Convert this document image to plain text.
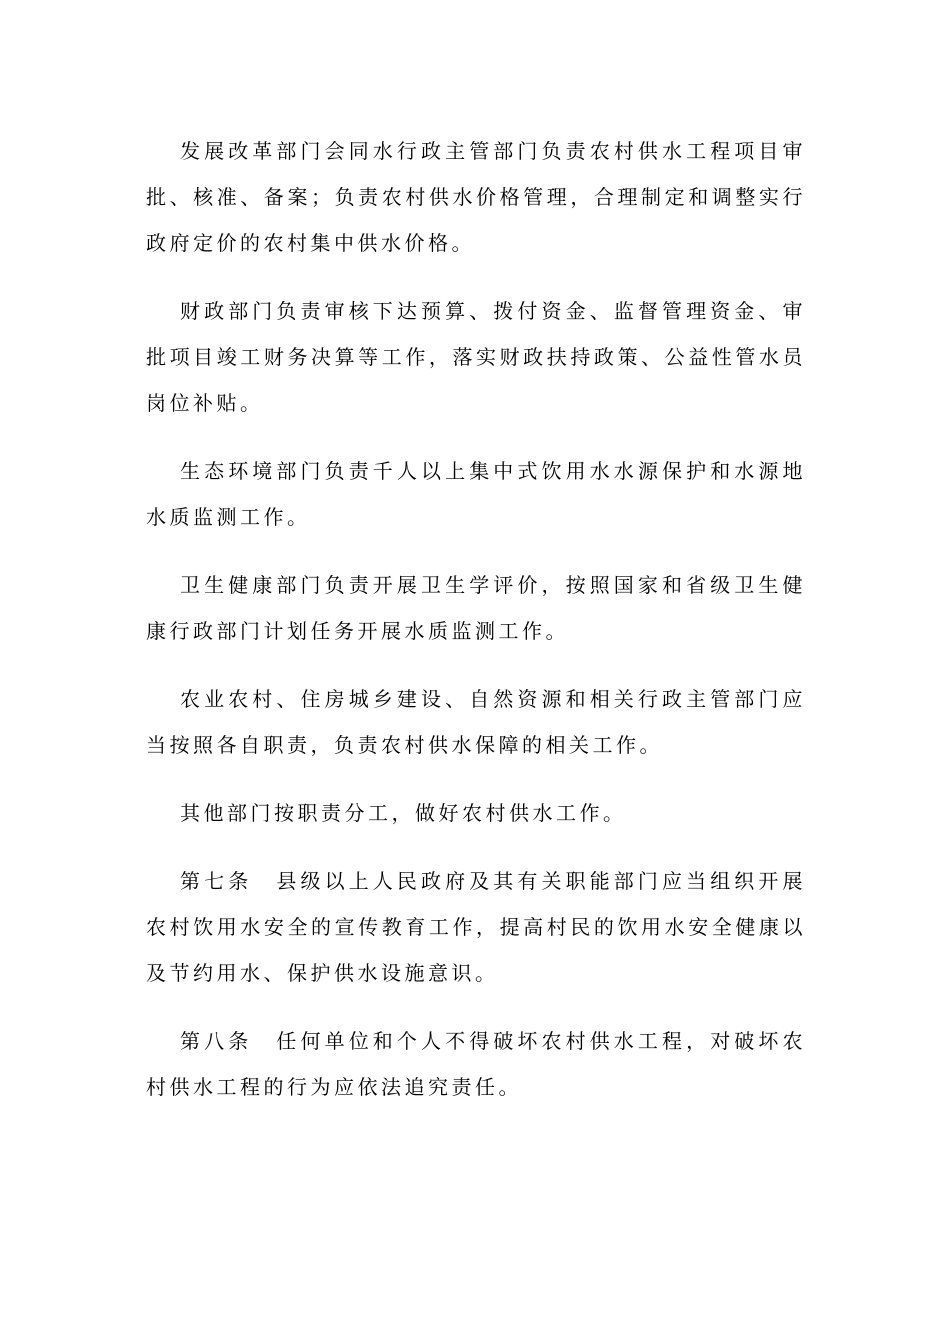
发展改革部门会同水行政主管部门负责农村供水工程项目审批、核准、备案；负责农村供水价格管理，合理制定和调整实行政府定价的农村集中供水价格。

财政部门负责审核下达预算、拨付资金、监督管理资金、审批项目竣工财务决算等工作，落实财政扶持政策、公益性管水员岗位补贴。

生态环境部门负责千人以上集中式饮用水水源保护和水源地水质监测工作。

卫生健康部门负责开展卫生学评价，按照国家和省级卫生健康行政部门计划任务开展水质监测工作。

农业农村、住房城乡建设、自然资源和相关行政主管部门应当按照各自职责，负责农村供水保障的相关工作。

其他部门按职责分工，做好农村供水工作。

第七条　县级以上人民政府及其有关职能部门应当组织开展农村饮用水安全的宣传教育工作，提高村民的饮用水安全健康以及节约用水、保护供水设施意识。

第八条　任何单位和个人不得破坏农村供水工程，对破坏农村供水工程的行为应依法追究责任。
